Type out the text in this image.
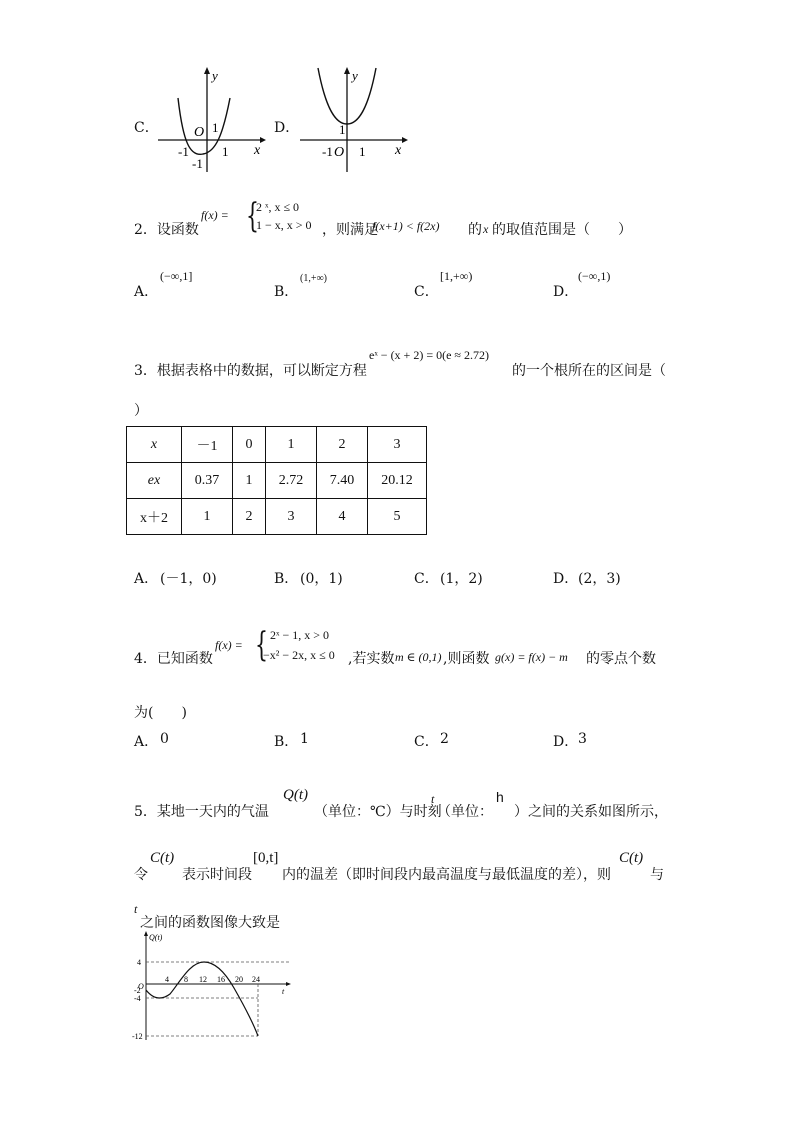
C．
y
x
O 1
-1	1
-1
D．
y
x
1
-1 O 1
2．设函数
f(x) = {
2 ˣ, x ≤ 0
1 − x, x > 0 ，则满足
f(x+1) < f(2x) 的 x 的取值范围是（　　）
A．
(−∞,1]
B．
(1,+∞)
C．
[1,+∞)
D．
(−∞,1)
3．根据表格中的数据，可以断定方程
eˣ − (x + 2) = 0(e ≈ 2.72)
的一个根所在的区间是（
）
x	－1	0	1	2	3
ex	0.37	1	2.72	7.40	20.12
x＋2	1	2	3	4	5
A． (－1，0)	B． (0，1)	C． (1，2)	D． (2，3)
4．已知函数
f(x) = { 2ˣ − 1, x > 0
−x² − 2x, x ≤ 0 ,若实数 m ∈ (0,1) ,则函数 g(x) = f(x) − m 的零点个数
为(　　)
A． 0	B． 1	C． 2	D． 3
5．某地一天内的气温
Q(t)
（单位：℃）与时刻
t
（单位：
h
）之间的关系如图所示，
令
C(t)
表示时间段
[0,t]
内的温差（即时间段内最高温度与最低温度的差），则
C(t)
与
t
之间的函数图像大致是
Q(t)
t
O
4
-2
-4
-12
4 8 12 16 20 24
